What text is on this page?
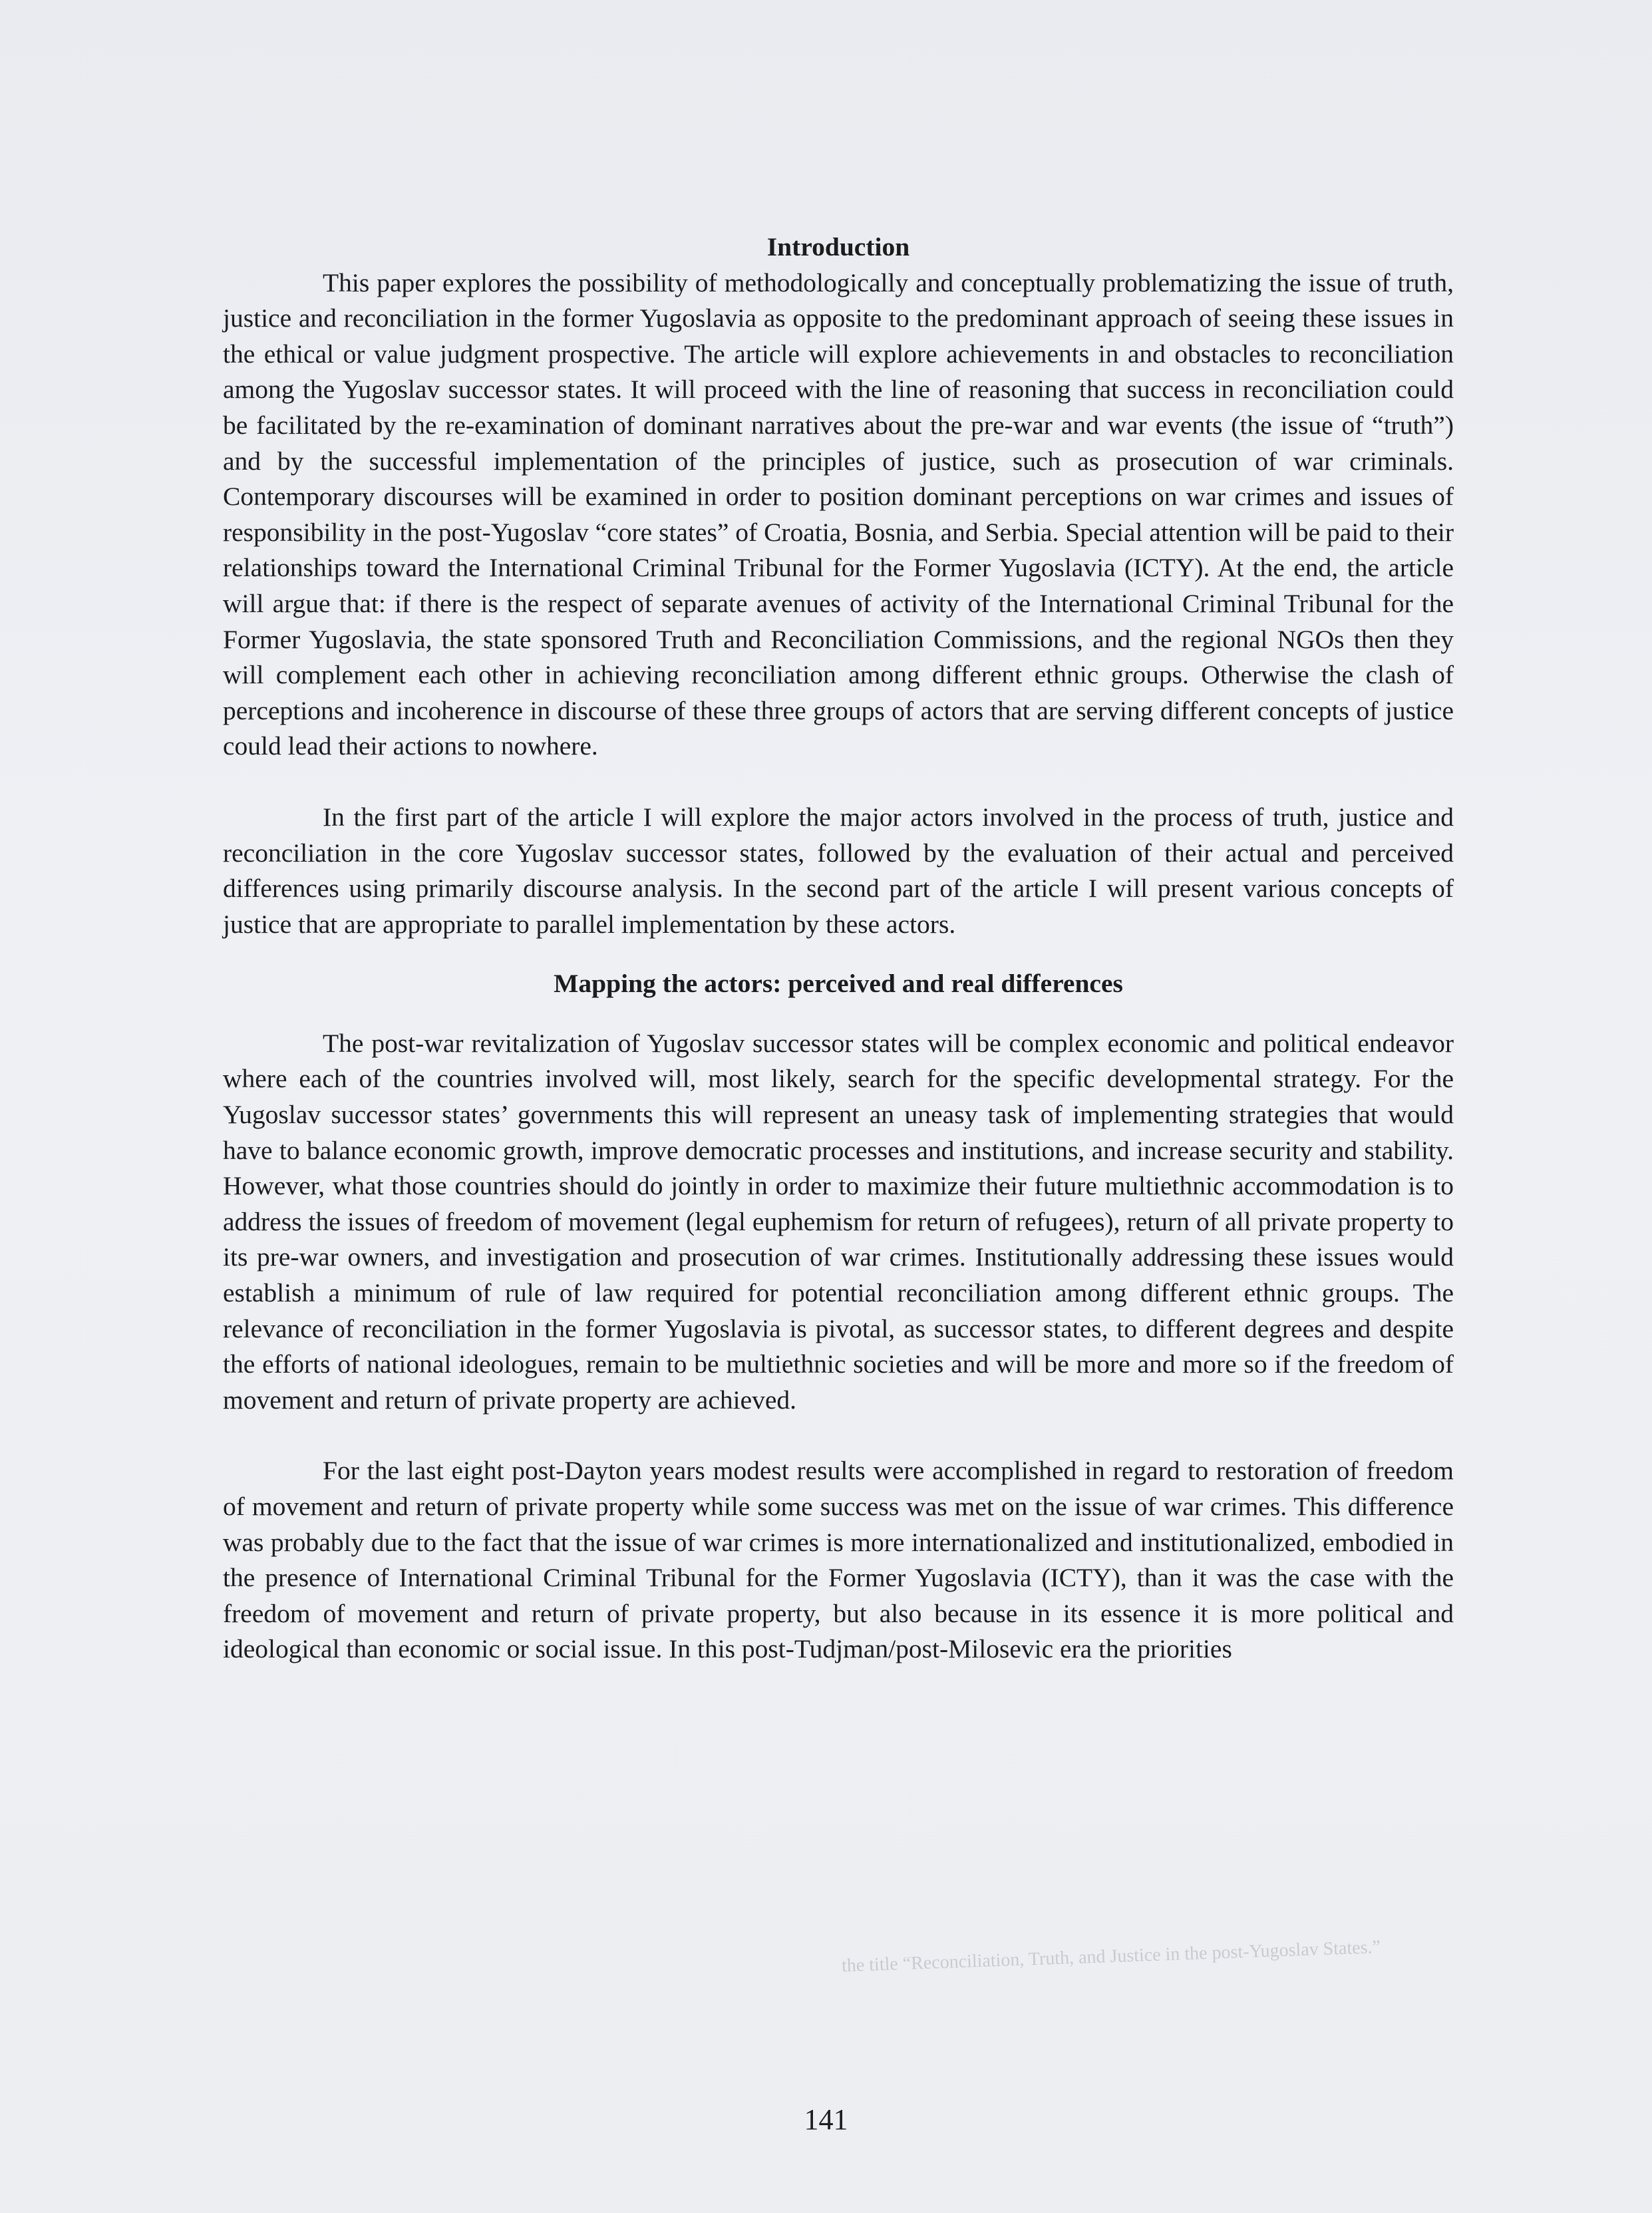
Introduction

This paper explores the possibility of methodologically and conceptually problematizing the issue of truth, justice and reconciliation in the former Yugoslavia as opposite to the predominant approach of seeing these issues in the ethical or value judgment prospective. The article will explore achievements in and obstacles to reconciliation among the Yugoslav successor states. It will proceed with the line of reasoning that success in reconciliation could be facilitated by the re-examination of dominant narratives about the pre-war and war events (the issue of “truth”) and by the successful implementation of the principles of justice, such as prosecution of war criminals. Contemporary discourses will be examined in order to position dominant perceptions on war crimes and issues of responsibility in the post-Yugoslav “core states” of Croatia, Bosnia, and Serbia. Special attention will be paid to their relationships toward the International Criminal Tribunal for the Former Yugoslavia (ICTY). At the end, the article will argue that: if there is the respect of separate avenues of activity of the International Criminal Tribunal for the Former Yugoslavia, the state sponsored Truth and Reconciliation Commissions, and the regional NGOs then they will complement each other in achieving reconciliation among different ethnic groups. Otherwise the clash of perceptions and incoherence in discourse of these three groups of actors that are serving different concepts of justice could lead their actions to nowhere.

In the first part of the article I will explore the major actors involved in the process of truth, justice and reconciliation in the core Yugoslav successor states, followed by the evaluation of their actual and perceived differences using primarily discourse analysis. In the second part of the article I will present various concepts of justice that are appropriate to parallel implementation by these actors.

Mapping the actors: perceived and real differences

The post-war revitalization of Yugoslav successor states will be complex economic and political endeavor where each of the countries involved will, most likely, search for the specific developmental strategy. For the Yugoslav successor states’ governments this will represent an uneasy task of implementing strategies that would have to balance economic growth, improve democratic processes and institutions, and increase security and stability. However, what those countries should do jointly in order to maximize their future multiethnic accommodation is to address the issues of freedom of movement (legal euphemism for return of refugees), return of all private property to its pre-war owners, and investigation and prosecution of war crimes. Institutionally addressing these issues would establish a minimum of rule of law required for potential reconciliation among different ethnic groups. The relevance of reconciliation in the former Yugoslavia is pivotal, as successor states, to different degrees and despite the efforts of national ideologues, remain to be multiethnic societies and will be more and more so if the freedom of movement and return of private property are achieved.

For the last eight post-Dayton years modest results were accomplished in regard to restoration of freedom of movement and return of private property while some success was met on the issue of war crimes. This difference was probably due to the fact that the issue of war crimes is more internationalized and institutionalized, embodied in the presence of International Criminal Tribunal for the Former Yugoslavia (ICTY), than it was the case with the freedom of movement and return of private property, but also because in its essence it is more political and ideological than economic or social issue. In this post-Tudjman/post-Milosevic era the priorities

the title “Reconciliation, Truth, and Justice in the post-Yugoslav States.”
141
